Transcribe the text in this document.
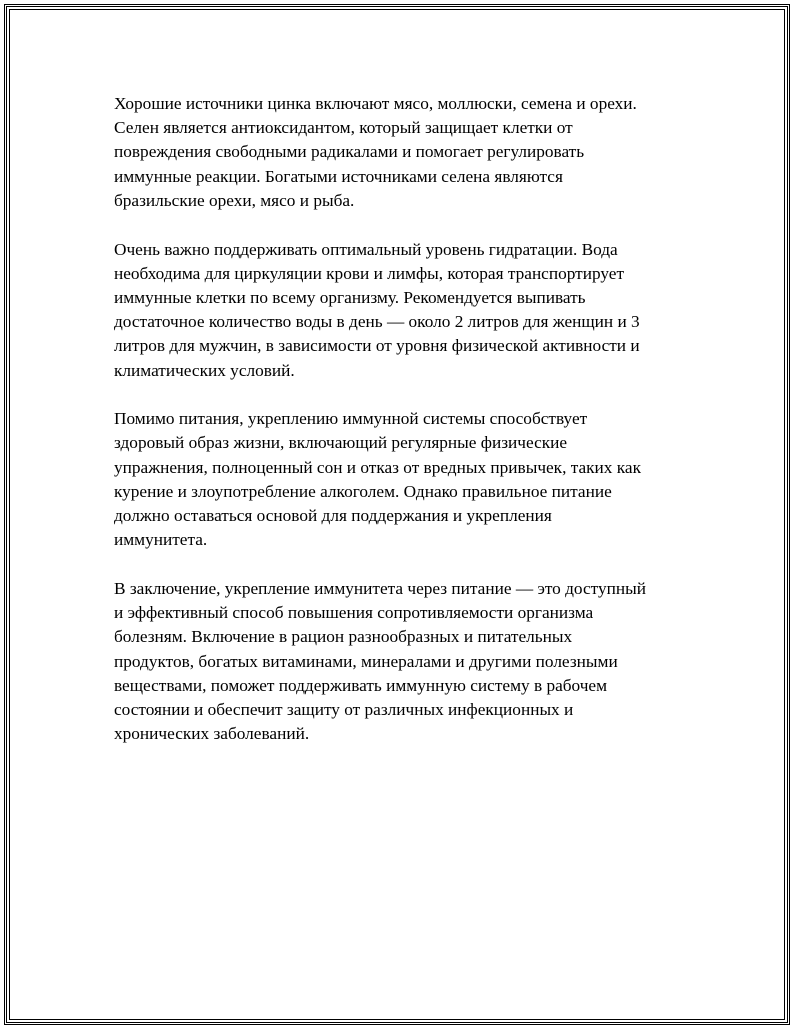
Хорошие источники цинка включают мясо, моллюски, семена и орехи.
Селен является антиоксидантом, который защищает клетки от
повреждения свободными радикалами и помогает регулировать
иммунные реакции. Богатыми источниками селена являются
бразильские орехи, мясо и рыба.

Очень важно поддерживать оптимальный уровень гидратации. Вода
необходима для циркуляции крови и лимфы, которая транспортирует
иммунные клетки по всему организму. Рекомендуется выпивать
достаточное количество воды в день — около 2 литров для женщин и 3
литров для мужчин, в зависимости от уровня физической активности и
климатических условий.

Помимо питания, укреплению иммунной системы способствует
здоровый образ жизни, включающий регулярные физические
упражнения, полноценный сон и отказ от вредных привычек, таких как
курение и злоупотребление алкоголем. Однако правильное питание
должно оставаться основой для поддержания и укрепления
иммунитета.

В заключение, укрепление иммунитета через питание — это доступный
и эффективный способ повышения сопротивляемости организма
болезням. Включение в рацион разнообразных и питательных
продуктов, богатых витаминами, минералами и другими полезными
веществами, поможет поддерживать иммунную систему в рабочем
состоянии и обеспечит защиту от различных инфекционных и
хронических заболеваний.
